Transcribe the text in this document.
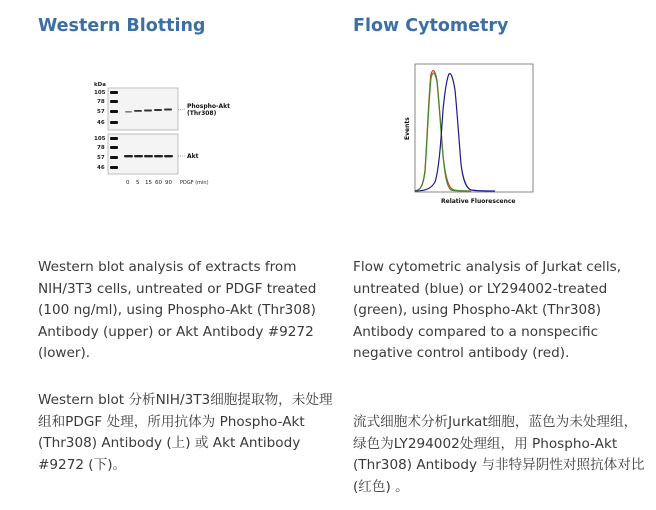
Western Blotting
kDa
105
78
57
46
Phospho-Akt
(Thr308)
105
78
57
46
Akt
0 5 15 60 90 PDGF (min)

Western blot analysis of extracts from NIH/3T3 cells, untreated or PDGF treated (100 ng/ml), using Phospho-Akt (Thr308) Antibody (upper) or Akt Antibody #9272 (lower).

Western blot 分析NIH/3T3细胞提取物，未处理组和PDGF 处理，所用抗体为 Phospho-Akt (Thr308) Antibody (上) 或 Akt Antibody #9272 (下)。

Flow Cytometry
Events
Relative Fluorescence

Flow cytometric analysis of Jurkat cells, untreated (blue) or LY294002-treated (green), using Phospho-Akt (Thr308) Antibody compared to a nonspecific negative control antibody (red).

流式细胞术分析Jurkat细胞，蓝色为未处理组，绿色为LY294002处理组，用 Phospho-Akt (Thr308) Antibody 与非特异阴性对照抗体对比(红色) 。
